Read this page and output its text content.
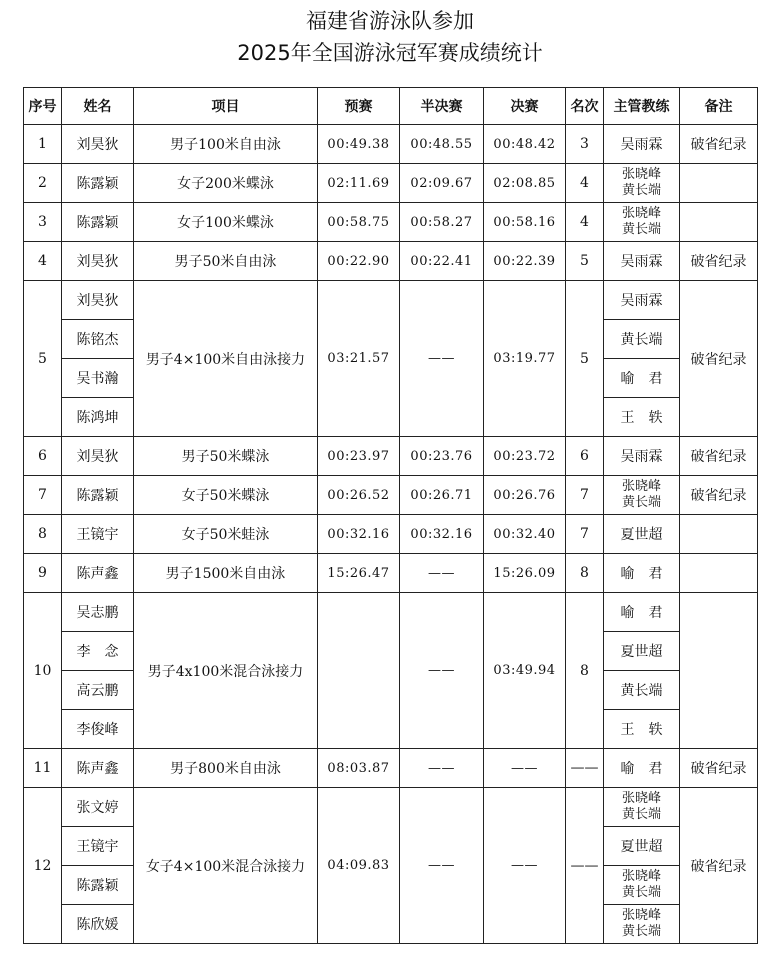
福建省游泳队参加
2025年全国游泳冠军赛成绩统计
序号	姓名	项目	预赛	半决赛	决赛	名次	主管教练	备注
1	刘昊狄	男子100米自由泳	00:49.38	00:48.55	00:48.42	3	吴雨霖	破省纪录
2	陈露颖	女子200米蝶泳	02:11.69	02:09.67	02:08.85	4	张晓峰
黄长端	
3	陈露颖	女子100米蝶泳	00:58.75	00:58.27	00:58.16	4	张晓峰
黄长端	
4	刘昊狄	男子50米自由泳	00:22.90	00:22.41	00:22.39	5	吴雨霖	破省纪录
5	刘昊狄	男子4×100米自由泳接力	03:21.57	——	03:19.77	5	吴雨霖	破省纪录
	陈铭杰						黄长端	
	吴书瀚						喻　君	
	陈鸿坤						王　轶	
6	刘昊狄	男子50米蝶泳	00:23.97	00:23.76	00:23.72	6	吴雨霖	破省纪录
7	陈露颖	女子50米蝶泳	00:26.52	00:26.71	00:26.76	7	张晓峰
黄长端	破省纪录
8	王镜宇	女子50米蛙泳	00:32.16	00:32.16	00:32.40	7	夏世超	
9	陈声鑫	男子1500米自由泳	15:26.47	——	15:26.09	8	喻　君	
10	吴志鹏	男子4x100米混合泳接力		——	03:49.94	8	喻　君	
	李　念						夏世超	
	高云鹏						黄长端	
	李俊峰						王　轶	
11	陈声鑫	男子800米自由泳	08:03.87	——	——	——	喻　君	破省纪录
12	张文婷	女子4×100米混合泳接力	04:09.83	——	——	——	张晓峰
黄长端	破省纪录
	王镜宇						夏世超	
	陈露颖						张晓峰
黄长端	
	陈欣媛						张晓峰
黄长端	
